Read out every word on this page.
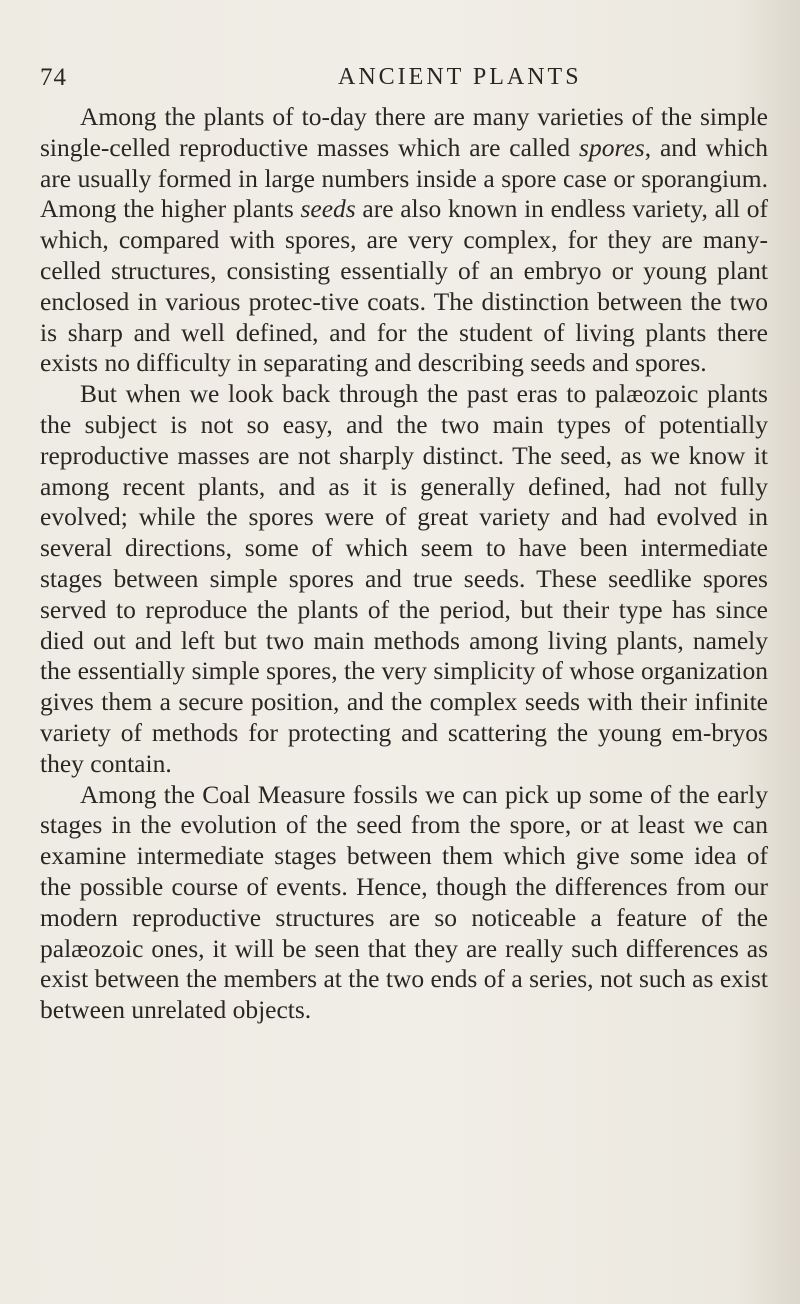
74	ANCIENT PLANTS

Among the plants of to-day there are many varieties of the simple single-celled reproductive masses which are called spores, and which are usually formed in large numbers inside a spore case or sporangium. Among the higher plants seeds are also known in endless variety, all of which, compared with spores, are very complex, for they are many-celled structures, consisting essentially of an embryo or young plant enclosed in various protec-tive coats. The distinction between the two is sharp and well defined, and for the student of living plants there exists no difficulty in separating and describing seeds and spores.

But when we look back through the past eras to palæozoic plants the subject is not so easy, and the two main types of potentially reproductive masses are not sharply distinct. The seed, as we know it among recent plants, and as it is generally defined, had not fully evolved; while the spores were of great variety and had evolved in several directions, some of which seem to have been intermediate stages between simple spores and true seeds. These seedlike spores served to reproduce the plants of the period, but their type has since died out and left but two main methods among living plants, namely the essentially simple spores, the very simplicity of whose organization gives them a secure position, and the complex seeds with their infinite variety of methods for protecting and scattering the young em-bryos they contain.

Among the Coal Measure fossils we can pick up some of the early stages in the evolution of the seed from the spore, or at least we can examine intermediate stages between them which give some idea of the possible course of events. Hence, though the differences from our modern reproductive structures are so noticeable a feature of the palæozoic ones, it will be seen that they are really such differences as exist between the members at the two ends of a series, not such as exist between unrelated objects.
